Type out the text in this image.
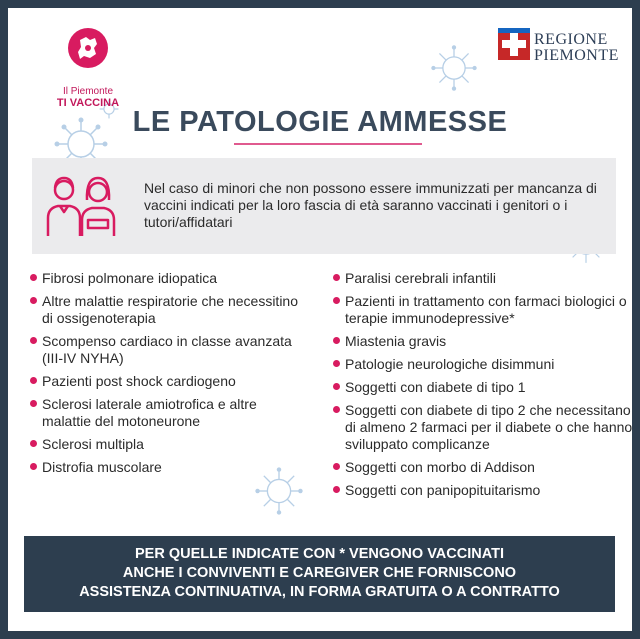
Il Piemonte
TI VACCINA
REGIONE
PIEMONTE
LE PATOLOGIE AMMESSE
Nel caso di minori che non possono essere immunizzati per mancanza di vaccini indicati per la loro fascia di età saranno vaccinati i genitori o i tutori/affidatari
Fibrosi polmonare idiopatica
Altre malattie respiratorie che necessitino di ossigenoterapia
Scompenso cardiaco in classe avanzata (III-IV NYHA)
Pazienti post shock cardiogeno
Sclerosi laterale amiotrofica e altre malattie del motoneurone
Sclerosi multipla
Distrofia muscolare
Paralisi cerebrali infantili
Pazienti in trattamento con farmaci biologici o terapie immunodepressive*
Miastenia gravis
Patologie neurologiche disimmuni
Soggetti con diabete di tipo 1
Soggetti con diabete di tipo 2 che necessitano di almeno 2 farmaci per il diabete o che hanno sviluppato complicanze
Soggetti con morbo di Addison
Soggetti con panipopituitarismo
PER QUELLE INDICATE CON * VENGONO VACCINATI
ANCHE I CONVIVENTI E CAREGIVER CHE FORNISCONO
ASSISTENZA CONTINUATIVA, IN FORMA GRATUITA O A CONTRATTO
